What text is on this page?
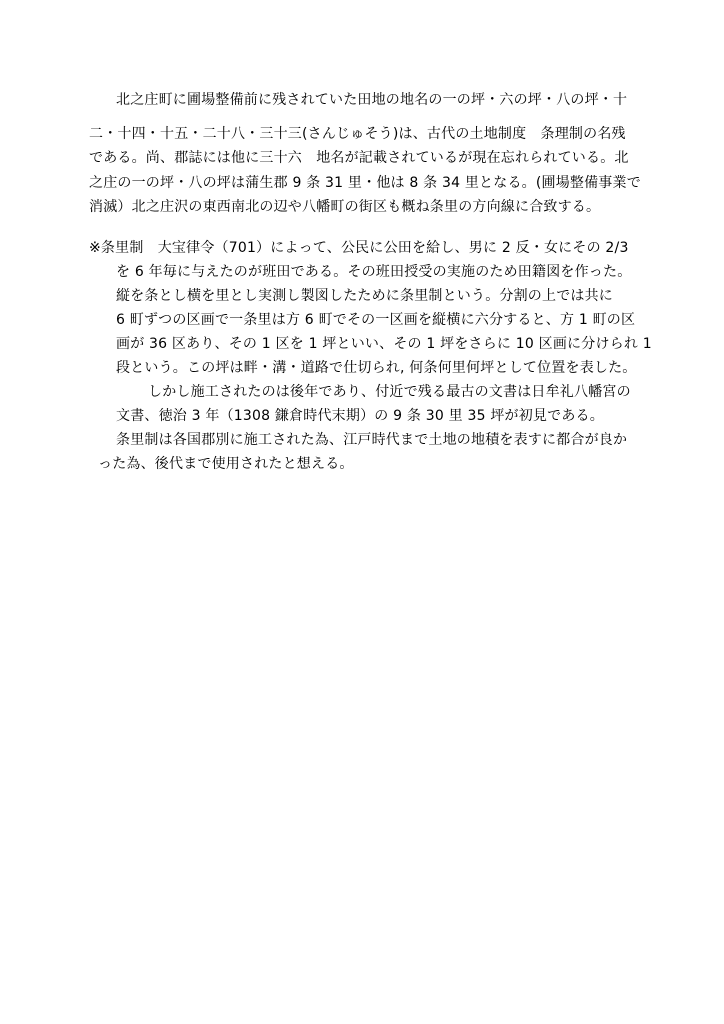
北之庄町に圃場整備前に残されていた田地の地名の一の坪・六の坪・八の坪・十
二・十四・十五・二十八・三十三(さんじゅそう)は、古代の土地制度　条理制の名残
である。尚、郡誌には他に三十六　地名が記載されているが現在忘れられている。北
之庄の一の坪・八の坪は蒲生郡 9 条 31 里・他は 8 条 34 里となる。(圃場整備事業で
消滅）北之庄沢の東西南北の辺や八幡町の街区も概ね条里の方向線に合致する。
※条里制　大宝律令（701）によって、公民に公田を給し、男に 2 反・女にその 2/3
を 6 年毎に与えたのが班田である。その班田授受の実施のため田籍図を作った。
縦を条とし横を里とし実測し製図したために条里制という。分割の上では共に
6 町ずつの区画で一条里は方 6 町でその一区画を縦横に六分すると、方 1 町の区
画が 36 区あり、その 1 区を 1 坪といい、その 1 坪をさらに 10 区画に分けられ 1
段という。この坪は畔・溝・道路で仕切られ, 何条何里何坪として位置を表した。
しかし施工されたのは後年であり、付近で残る最古の文書は日牟礼八幡宮の
文書、徳治 3 年（1308 鎌倉時代末期）の 9 条 30 里 35 坪が初見である。
条里制は各国郡別に施工された為、江戸時代まで土地の地積を表すに都合が良か
った為、後代まで使用されたと想える。
